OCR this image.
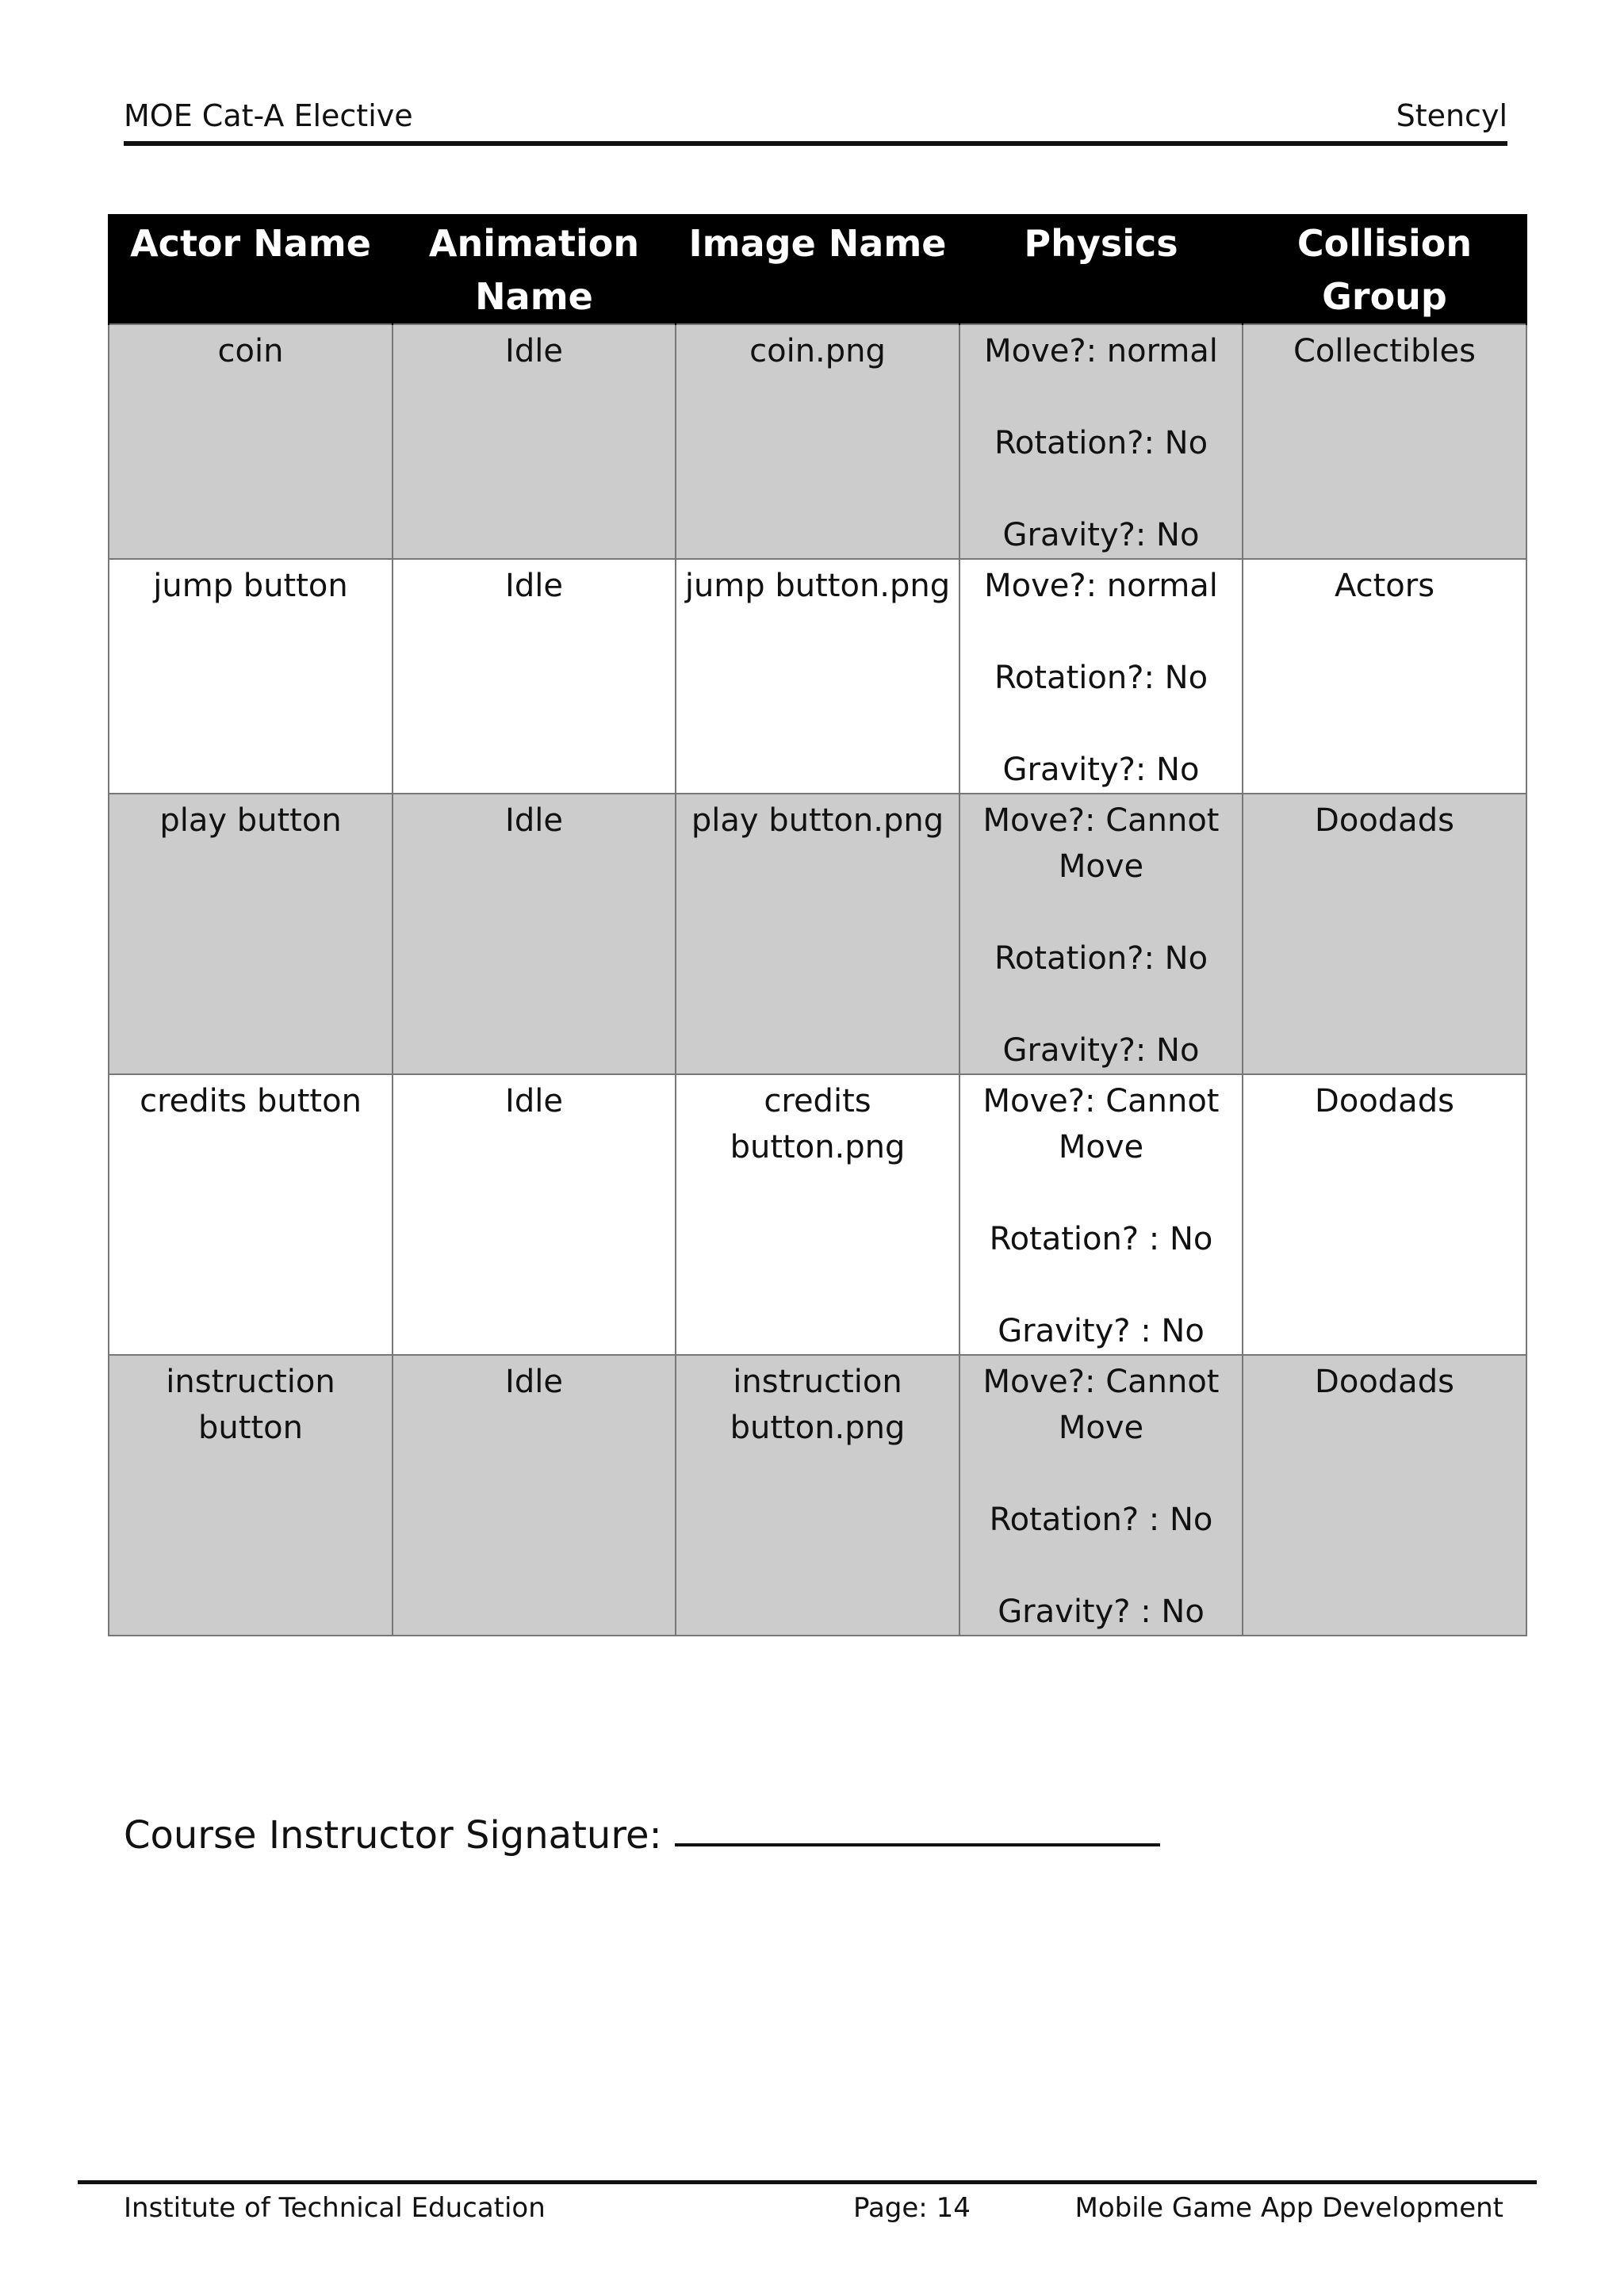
MOE Cat-A Elective	Stencyl
Actor Name	Animation Name	Image Name	Physics	Collision Group
coin	Idle	coin.png	Move?: normal
Rotation?: No
Gravity?: No	Collectibles
jump button	Idle	jump button.png	Move?: normal
Rotation?: No
Gravity?: No	Actors
play button	Idle	play button.png	Move?: Cannot Move
Rotation?: No
Gravity?: No	Doodads
credits button	Idle	credits button.png	Move?: Cannot Move
Rotation? : No
Gravity? : No	Doodads
instruction button	Idle	instruction button.png	Move?: Cannot Move
Rotation? : No
Gravity? : No	Doodads
Course Instructor Signature:
Institute of Technical Education	Page: 14	Mobile Game App Development
